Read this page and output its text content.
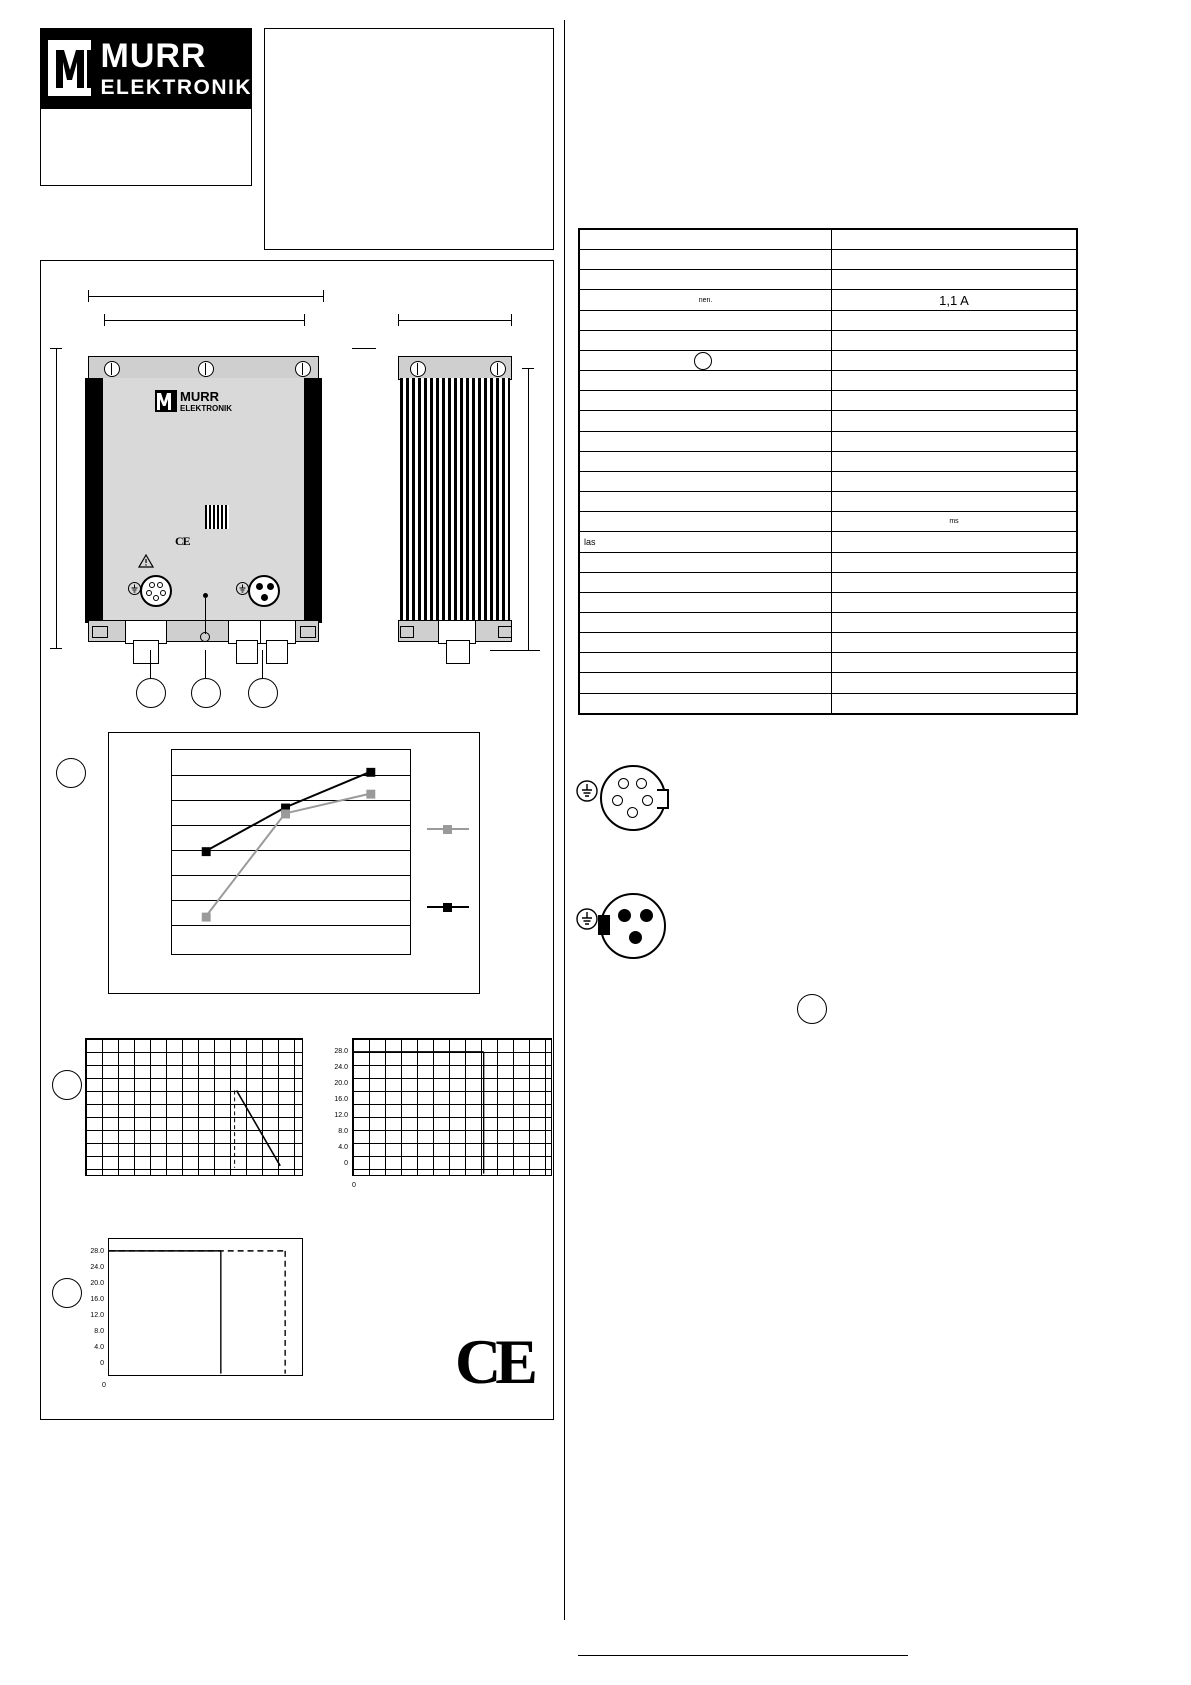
MURR
ELEKTRONIK

nen.	1,1 A

	ms
las	

MURR
ELEKTRONIK
CE
28.0
24.0
20.0
16.0
12.0
8.0
4.0
0
0
28.0
24.0
20.0
16.0
12.0
8.0
4.0
0
0	CE
